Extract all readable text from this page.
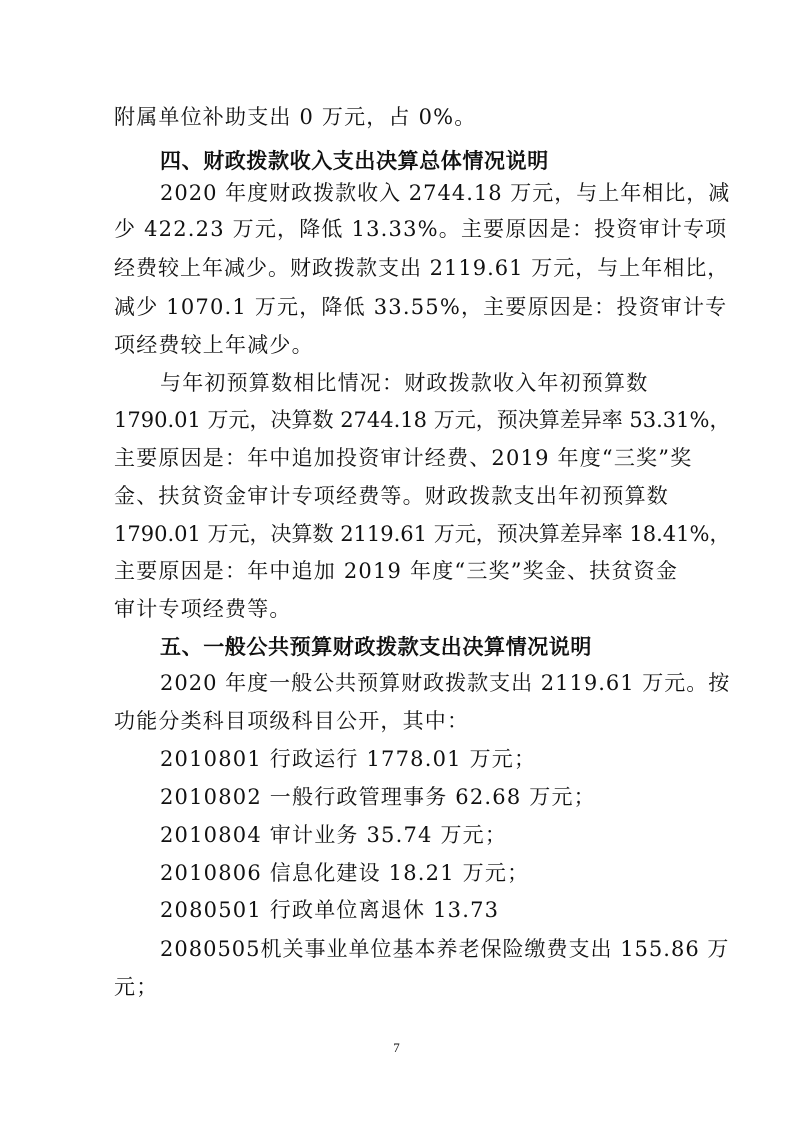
附属单位补助支出 0 万元，占 0%。
四、财政拨款收入支出决算总体情况说明
2020 年度财政拨款收入 2744.18 万元，与上年相比，减
少 422.23 万元，降低 13.33%。主要原因是：投资审计专项
经费较上年减少。财政拨款支出 2119.61 万元，与上年相比，
减少 1070.1 万元，降低 33.55%，主要原因是：投资审计专
项经费较上年减少。
与年初预算数相比情况：财政拨款收入年初预算数
1790.01 万元，决算数 2744.18 万元，预决算差异率 53.31%，
主要原因是：年中追加投资审计经费、2019 年度“三奖”奖
金、扶贫资金审计专项经费等。财政拨款支出年初预算数
1790.01 万元，决算数 2119.61 万元，预决算差异率 18.41%，
主要原因是：年中追加 2019 年度“三奖”奖金、扶贫资金
审计专项经费等。
五、一般公共预算财政拨款支出决算情况说明
2020 年度一般公共预算财政拨款支出 2119.61 万元。按
功能分类科目项级科目公开，其中：
2010801 行政运行 1778.01 万元；
2010802 一般行政管理事务 62.68 万元；
2010804 审计业务 35.74 万元；
2010806 信息化建设 18.21 万元；
2080501 行政单位离退休 13.73
2080505机关事业单位基本养老保险缴费支出 155.86 万
元；
7
